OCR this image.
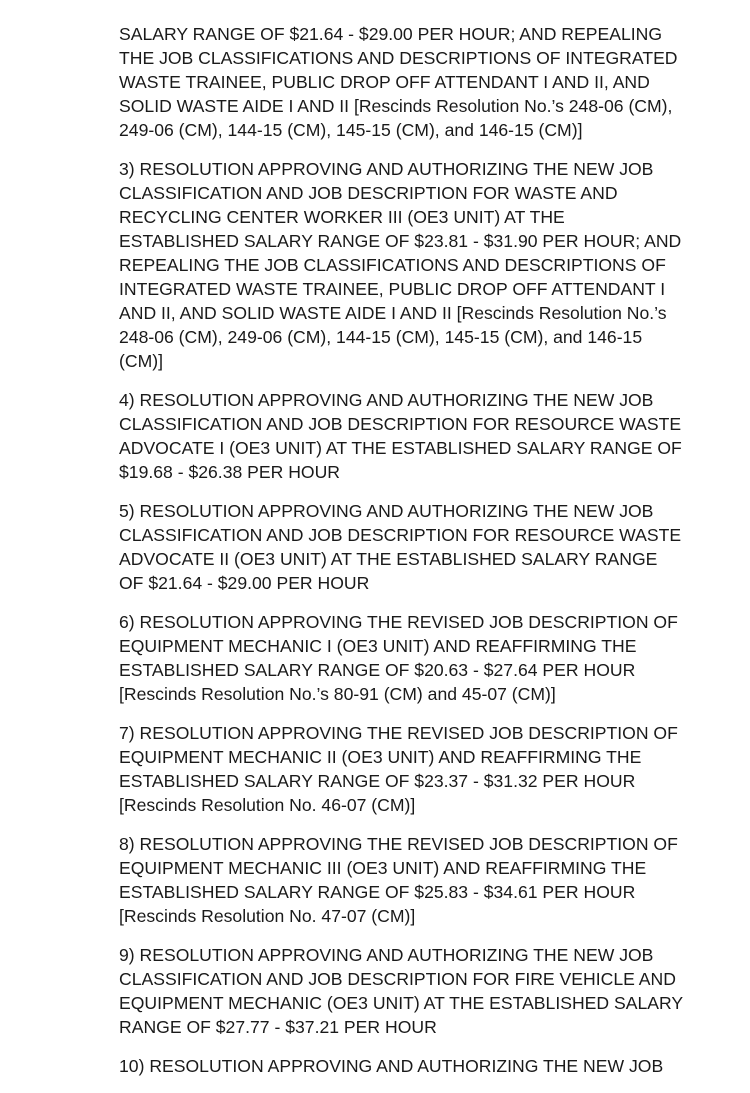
SALARY RANGE OF $21.64 - $29.00 PER HOUR; AND REPEALING
THE JOB CLASSIFICATIONS AND DESCRIPTIONS OF INTEGRATED
WASTE TRAINEE, PUBLIC DROP OFF ATTENDANT I AND II, AND
SOLID WASTE AIDE I AND II [Rescinds Resolution No.’s 248-06 (CM),
249-06 (CM), 144-15 (CM), 145-15 (CM), and 146-15 (CM)]

3) RESOLUTION APPROVING AND AUTHORIZING THE NEW JOB
CLASSIFICATION AND JOB DESCRIPTION FOR WASTE AND
RECYCLING CENTER WORKER III (OE3 UNIT) AT THE
ESTABLISHED SALARY RANGE OF $23.81 - $31.90 PER HOUR; AND
REPEALING THE JOB CLASSIFICATIONS AND DESCRIPTIONS OF
INTEGRATED WASTE TRAINEE, PUBLIC DROP OFF ATTENDANT I
AND II, AND SOLID WASTE AIDE I AND II [Rescinds Resolution No.’s
248-06 (CM), 249-06 (CM), 144-15 (CM), 145-15 (CM), and 146-15
(CM)]

4) RESOLUTION APPROVING AND AUTHORIZING THE NEW JOB
CLASSIFICATION AND JOB DESCRIPTION FOR RESOURCE WASTE
ADVOCATE I (OE3 UNIT) AT THE ESTABLISHED SALARY RANGE OF
$19.68 - $26.38 PER HOUR

5) RESOLUTION APPROVING AND AUTHORIZING THE NEW JOB
CLASSIFICATION AND JOB DESCRIPTION FOR RESOURCE WASTE
ADVOCATE II (OE3 UNIT) AT THE ESTABLISHED SALARY RANGE
OF $21.64 - $29.00 PER HOUR

6) RESOLUTION APPROVING THE REVISED JOB DESCRIPTION OF
EQUIPMENT MECHANIC I (OE3 UNIT) AND REAFFIRMING THE
ESTABLISHED SALARY RANGE OF $20.63 - $27.64 PER HOUR
[Rescinds Resolution No.’s 80-91 (CM) and 45-07 (CM)]

7) RESOLUTION APPROVING THE REVISED JOB DESCRIPTION OF
EQUIPMENT MECHANIC II (OE3 UNIT) AND REAFFIRMING THE
ESTABLISHED SALARY RANGE OF $23.37 - $31.32 PER HOUR
[Rescinds Resolution No. 46-07 (CM)]

8) RESOLUTION APPROVING THE REVISED JOB DESCRIPTION OF
EQUIPMENT MECHANIC III (OE3 UNIT) AND REAFFIRMING THE
ESTABLISHED SALARY RANGE OF $25.83 - $34.61 PER HOUR
[Rescinds Resolution No. 47-07 (CM)]

9) RESOLUTION APPROVING AND AUTHORIZING THE NEW JOB
CLASSIFICATION AND JOB DESCRIPTION FOR FIRE VEHICLE AND
EQUIPMENT MECHANIC (OE3 UNIT) AT THE ESTABLISHED SALARY
RANGE OF $27.77 - $37.21 PER HOUR

10) RESOLUTION APPROVING AND AUTHORIZING THE NEW JOB
